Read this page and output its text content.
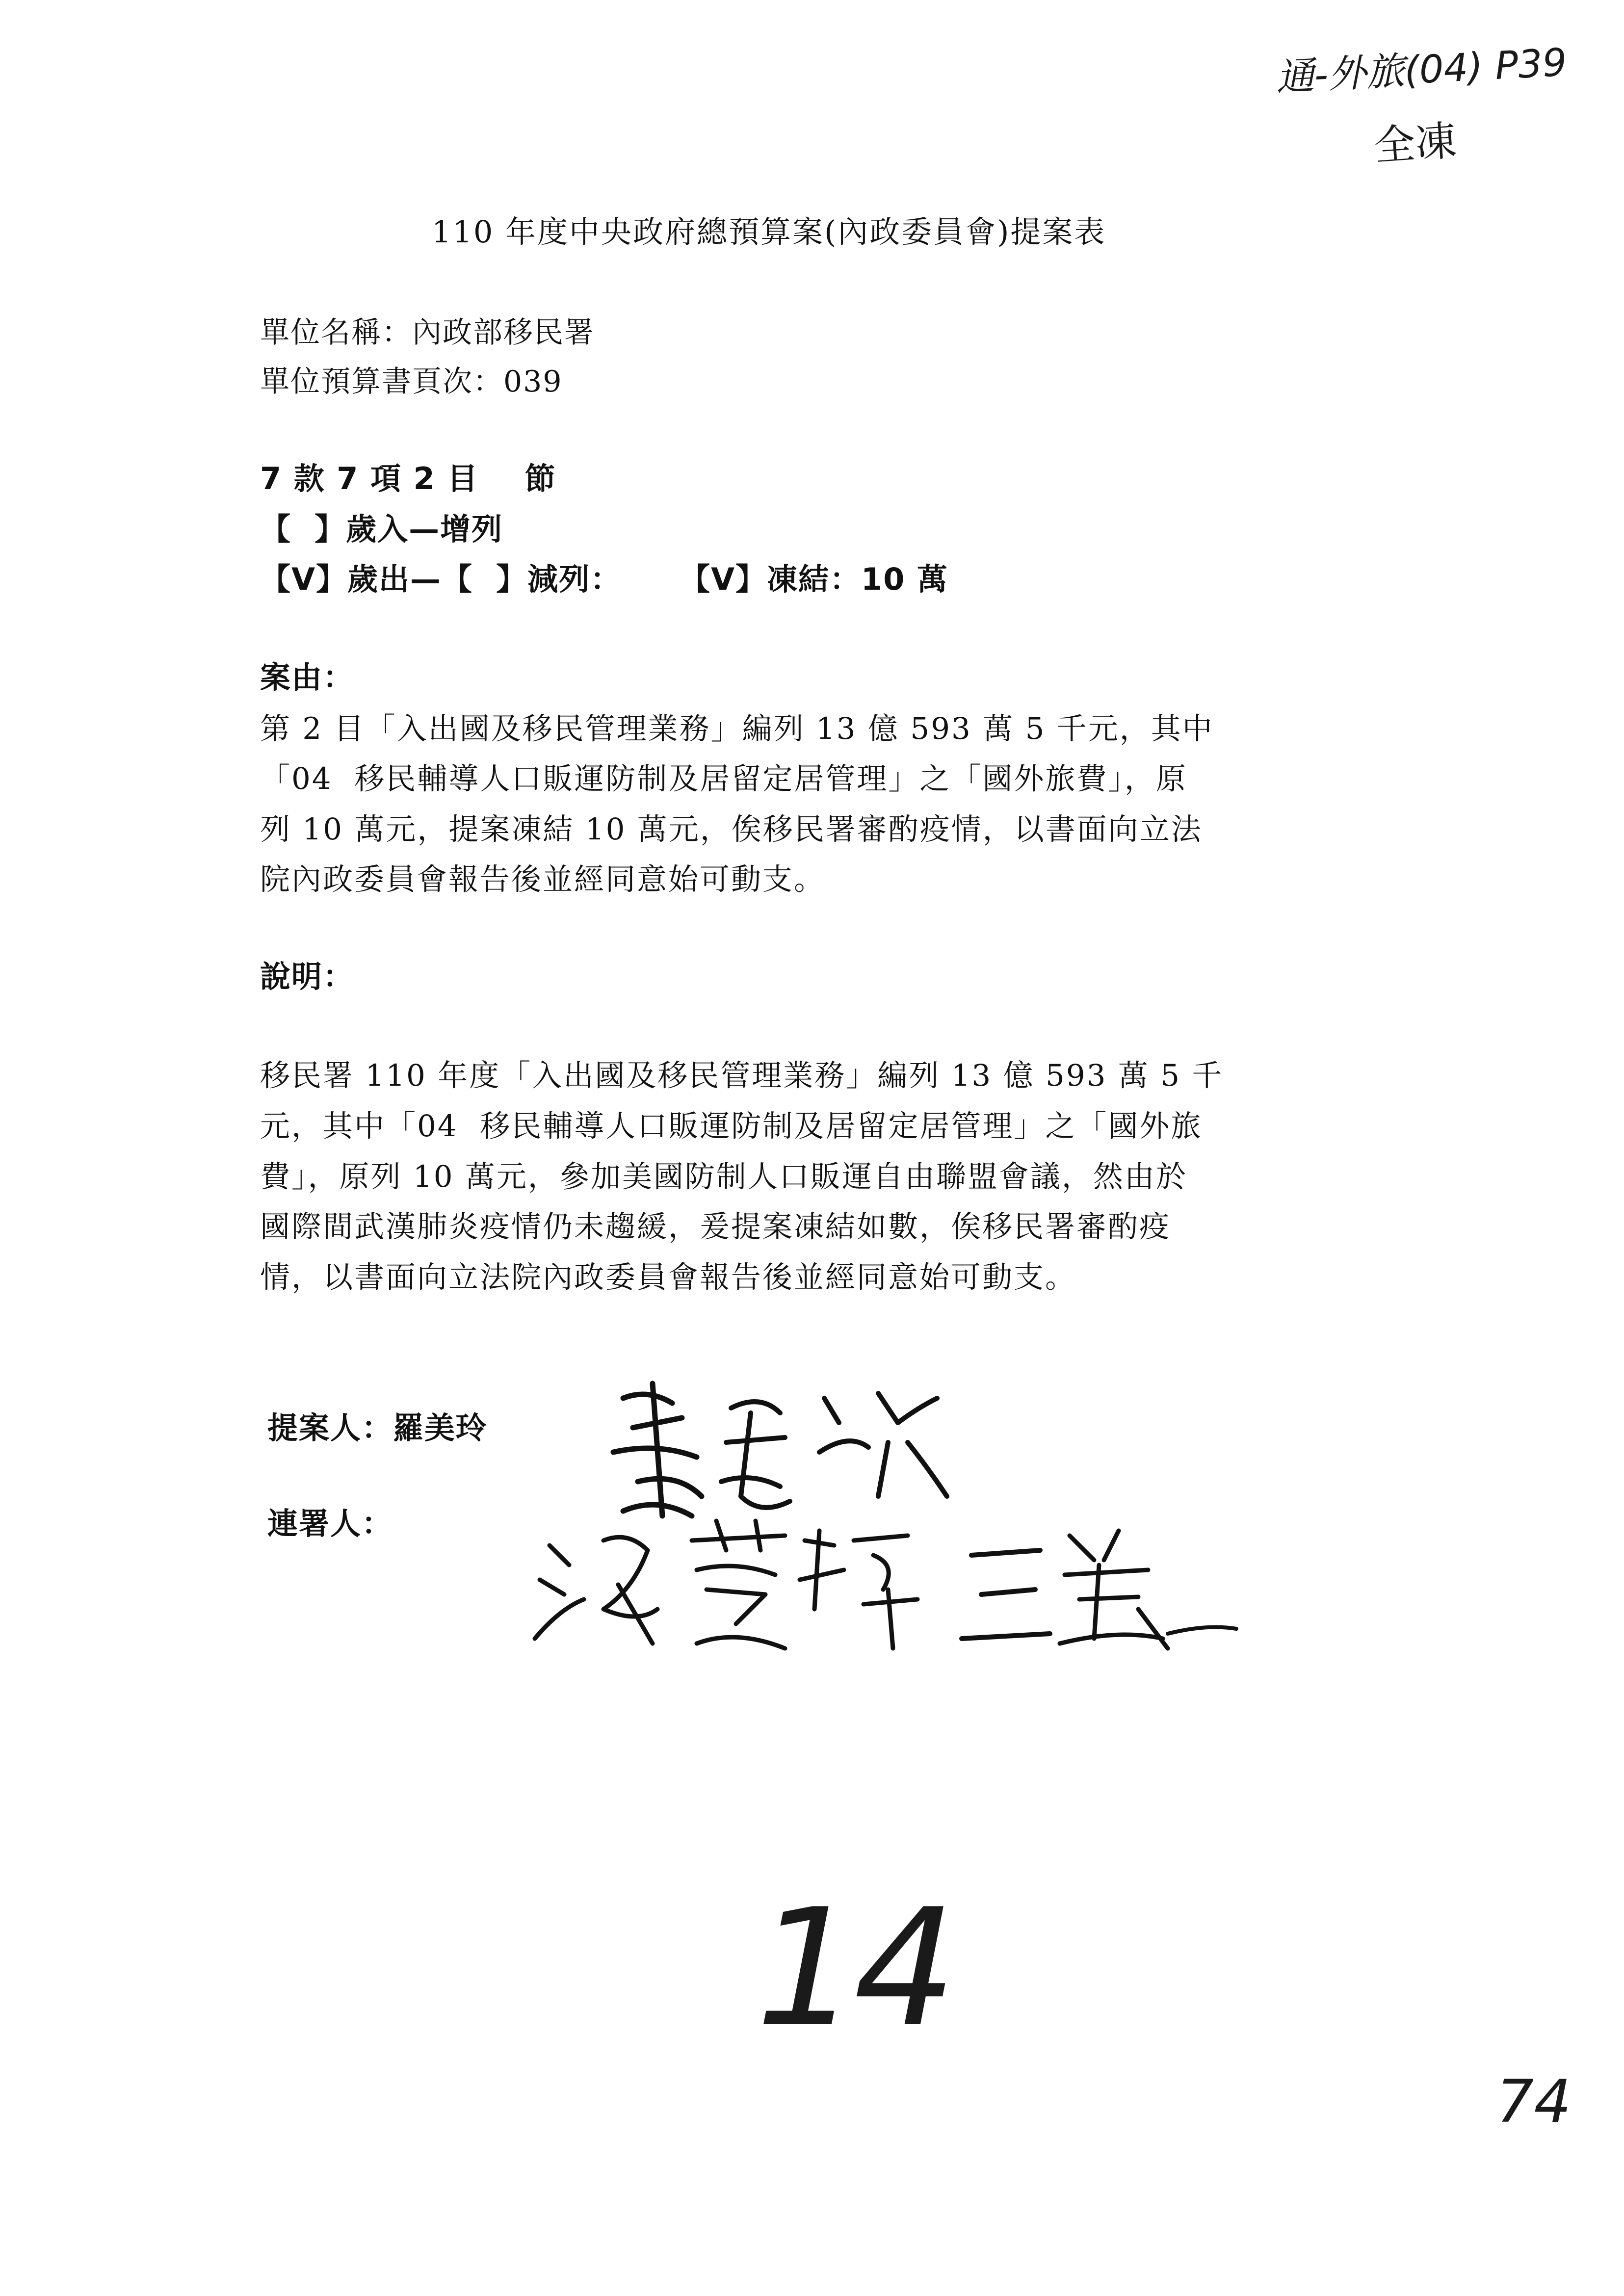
通-外旅(04) P39
全凍
110 年度中央政府總預算案(內政委員會)提案表
單位名稱：內政部移民署
單位預算書頁次：039
7 款 7 項 2 目    節
【  】歲入—增列
【V】歲出—【  】減列：     【V】凍結：10 萬
案由：
第 2 目「入出國及移民管理業務」編列 13 億 593 萬 5 千元，其中
「04  移民輔導人口販運防制及居留定居管理」之「國外旅費」，原
列 10 萬元，提案凍結 10 萬元，俟移民署審酌疫情，以書面向立法
院內政委員會報告後並經同意始可動支。
說明：
移民署 110 年度「入出國及移民管理業務」編列 13 億 593 萬 5 千
元，其中「04  移民輔導人口販運防制及居留定居管理」之「國外旅
費」，原列 10 萬元，參加美國防制人口販運自由聯盟會議，然由於
國際間武漢肺炎疫情仍未趨緩，爰提案凍結如數，俟移民署審酌疫
情，以書面向立法院內政委員會報告後並經同意始可動支。
提案人：羅美玲
連署人：
14
74
